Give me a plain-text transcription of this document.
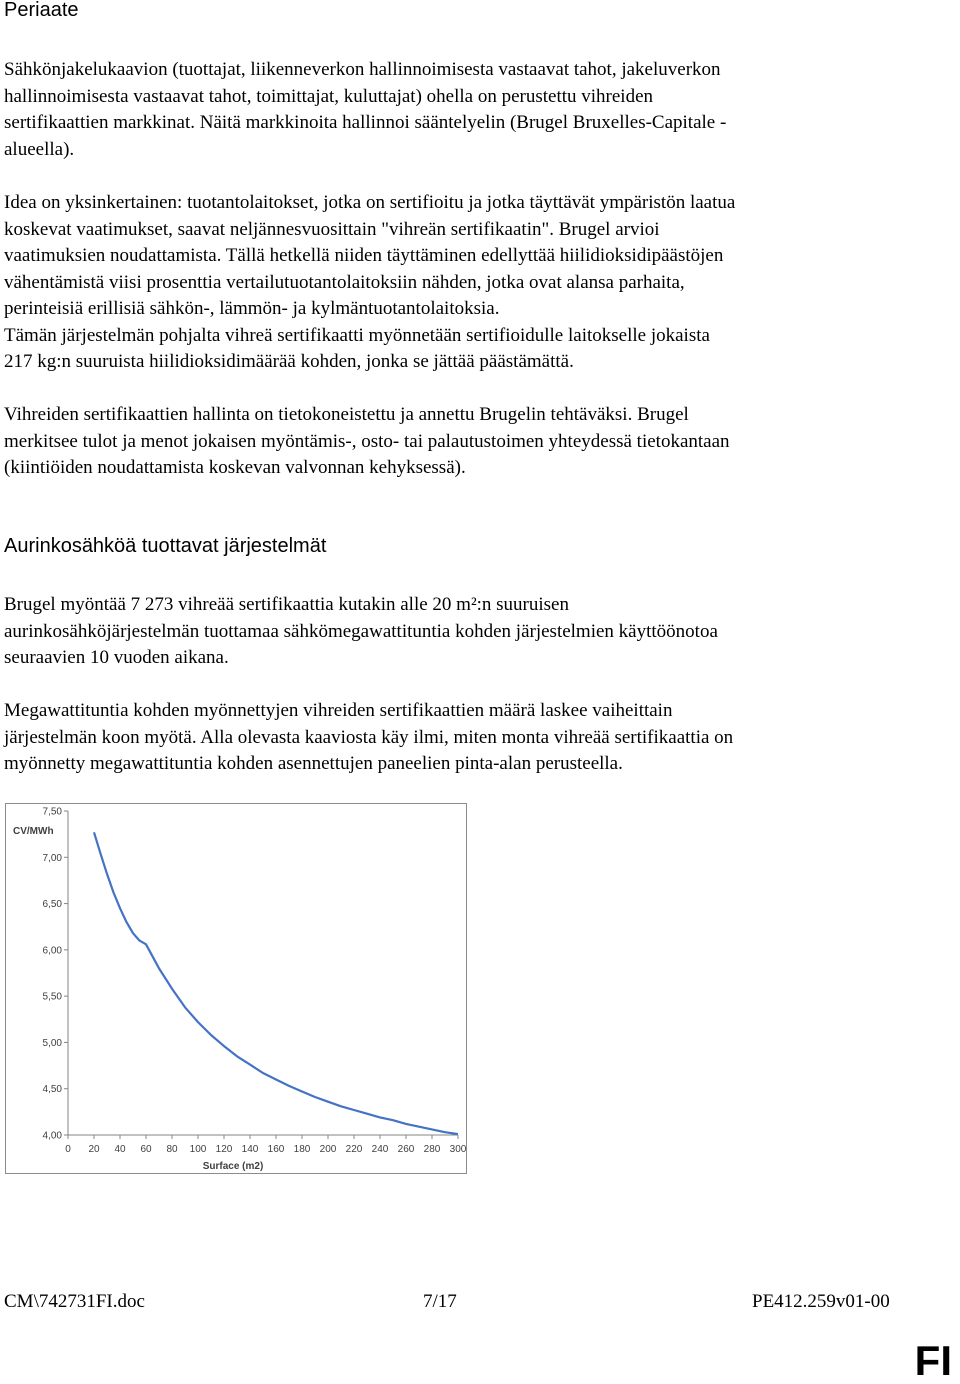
Periaate

Sähkönjakelukaavion (tuottajat, liikenneverkon hallinnoimisesta vastaavat tahot, jakeluverkon
hallinnoimisesta vastaavat tahot, toimittajat, kuluttajat) ohella on perustettu vihreiden
sertifikaattien markkinat. Näitä markkinoita hallinnoi sääntelyelin (Brugel Bruxelles-Capitale -
alueella).

Idea on yksinkertainen: tuotantolaitokset, jotka on sertifioitu ja jotka täyttävät ympäristön laatua
koskevat vaatimukset, saavat neljännesvuosittain "vihreän sertifikaatin". Brugel arvioi
vaatimuksien noudattamista. Tällä hetkellä niiden täyttäminen edellyttää hiilidioksidipäästöjen
vähentämistä viisi prosenttia vertailutuotantolaitoksiin nähden, jotka ovat alansa parhaita,
perinteisiä erillisiä sähkön-, lämmön- ja kylmäntuotantolaitoksia.
Tämän järjestelmän pohjalta vihreä sertifikaatti myönnetään sertifioidulle laitokselle jokaista
217 kg:n suuruista hiilidioksidimäärää kohden, jonka se jättää päästämättä.

Vihreiden sertifikaattien hallinta on tietokoneistettu ja annettu Brugelin tehtäväksi. Brugel
merkitsee tulot ja menot jokaisen myöntämis-, osto- tai palautustoimen yhteydessä tietokantaan
(kiintiöiden noudattamista koskevan valvonnan kehyksessä).

Aurinkosähköä tuottavat järjestelmät

Brugel myöntää 7 273 vihreää sertifikaattia kutakin alle 20 m²:n suuruisen
aurinkosähköjärjestelmän tuottamaa sähkömegawattituntia kohden järjestelmien käyttöönotoa
seuraavien 10 vuoden aikana.

Megawattituntia kohden myönnettyjen vihreiden sertifikaattien määrä laskee vaiheittain
järjestelmän koon myötä. Alla olevasta kaaviosta käy ilmi, miten monta vihreää sertifikaattia on
myönnetty megawattituntia kohden asennettujen paneelien pinta-alan perusteella.

4,00
4,50
5,00
5,50
6,00
6,50
7,00
7,50
0 20 40 60 80 100 120 140 160 180 200 220 240 260 280 300
CV/MWh
Surface (m2)
CM\742731FI.doc	7/17	PE412.259v01-00
FI
